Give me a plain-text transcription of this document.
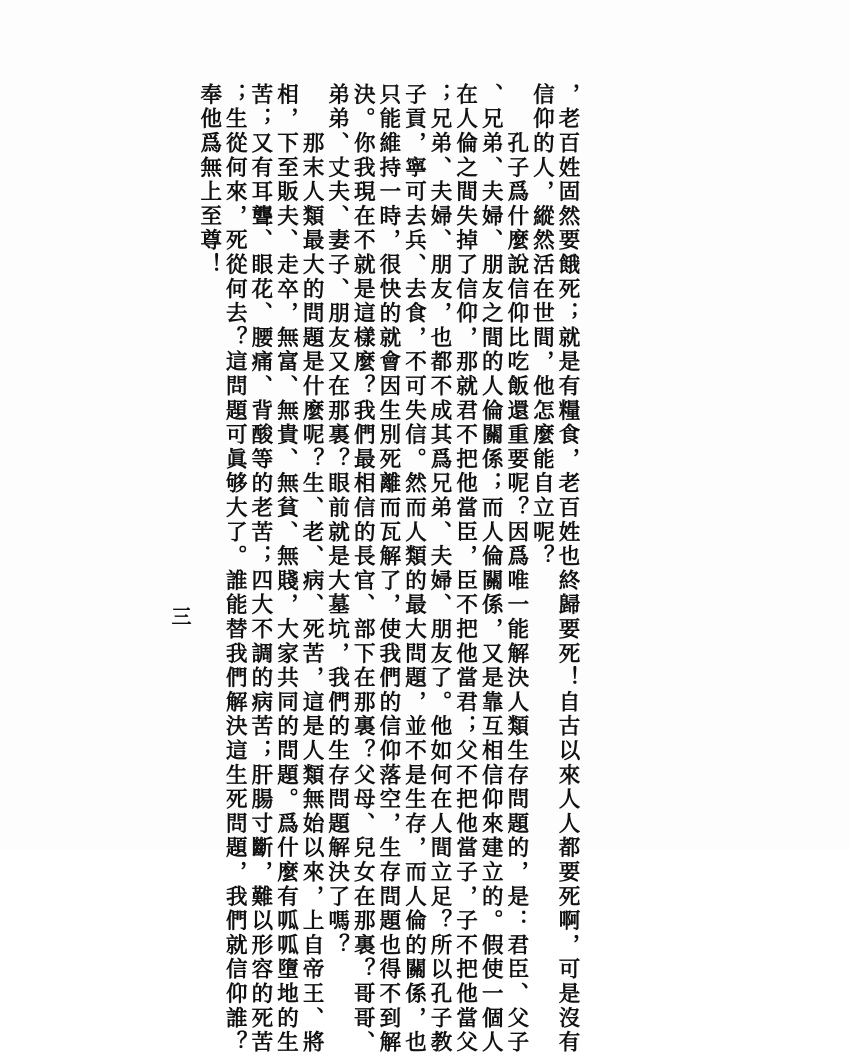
，老百姓固然要餓死；就是有糧食，老百姓也終歸要死！自古以來人人都要死啊，可是沒有
信仰的人，縱然活在世間，他怎麼能自立呢？
　　孔子爲什麼說信仰比吃飯還重要呢？因爲唯一能解決人類生存問題的，是：君臣、父子
、兄弟、夫婦、朋友之間的人倫關係；而人倫關係，又是靠互相信仰來建立的。假使一個人
在人倫之間失掉了信仰，那就君不把他當臣，臣不把他當君；父不把他當子，子不把他當父
；兄弟、夫婦、朋友，也都不成其爲兄弟、夫婦、朋友了。他如何在人間立足？所以孔子教
子貢，寧可去兵、去食，不可失信。然而人類的最大問題，並不是生存，而人倫的關係，也
只能維持一時，很快的就會因生別死離而瓦解了，使我們的信仰落空，生存問題也得不到解
決。你我現在不就是這樣麼？我們最相信的長官、部下在那裏？父母、兒女在那裏？哥哥、
弟弟、丈夫、妻子、朋友又在那裏？眼前就是大墓坑，我們的生存問題解決了嗎？
　　那末人類最大的問題是什麼呢？生、老、病、死苦，這是人類無始以來，上自帝王、將
相，下至販夫、走卒，無富、無貴、無貧、無賤，大家共同的問題。爲什麼有呱呱墮地的生
苦；又有耳聾、眼花、腰痛、背酸等的老苦；四大不調的病苦；肝腸寸斷，難以形容的死苦
；生從何來，死從何去？這問題可眞够大了。誰能替我們解決這生死問題，我們就信仰誰？
奉他爲無上至尊！
三
